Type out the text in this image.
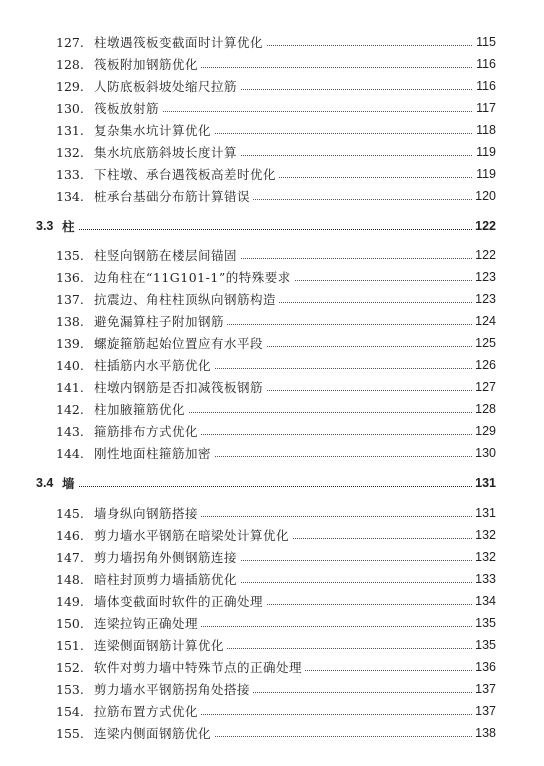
127. 柱墩遇筏板变截面时计算优化	115
128. 筏板附加钢筋优化	116
129. 人防底板斜坡处缩尺拉筋	116
130. 筏板放射筋	117
131. 复杂集水坑计算优化	118
132. 集水坑底筋斜坡长度计算	119
133. 下柱墩、承台遇筏板高差时优化	119
134. 桩承台基础分布筋计算错误	120
3.3 柱	122
135. 柱竖向钢筋在楼层间锚固	122
136. 边角柱在“11G101-1”的特殊要求	123
137. 抗震边、角柱柱顶纵向钢筋构造	123
138. 避免漏算柱子附加钢筋	124
139. 螺旋箍筋起始位置应有水平段	125
140. 柱插筋内水平筋优化	126
141. 柱墩内钢筋是否扣减筏板钢筋	127
142. 柱加腋箍筋优化	128
143. 箍筋排布方式优化	129
144. 刚性地面柱箍筋加密	130
3.4 墙	131
145. 墙身纵向钢筋搭接	131
146. 剪力墙水平钢筋在暗梁处计算优化	132
147. 剪力墙拐角外侧钢筋连接	132
148. 暗柱封顶剪力墙插筋优化	133
149. 墙体变截面时软件的正确处理	134
150. 连梁拉钩正确处理	135
151. 连梁侧面钢筋计算优化	135
152. 软件对剪力墙中特殊节点的正确处理	136
153. 剪力墙水平钢筋拐角处搭接	137
154. 拉筋布置方式优化	137
155. 连梁内侧面钢筋优化	138
